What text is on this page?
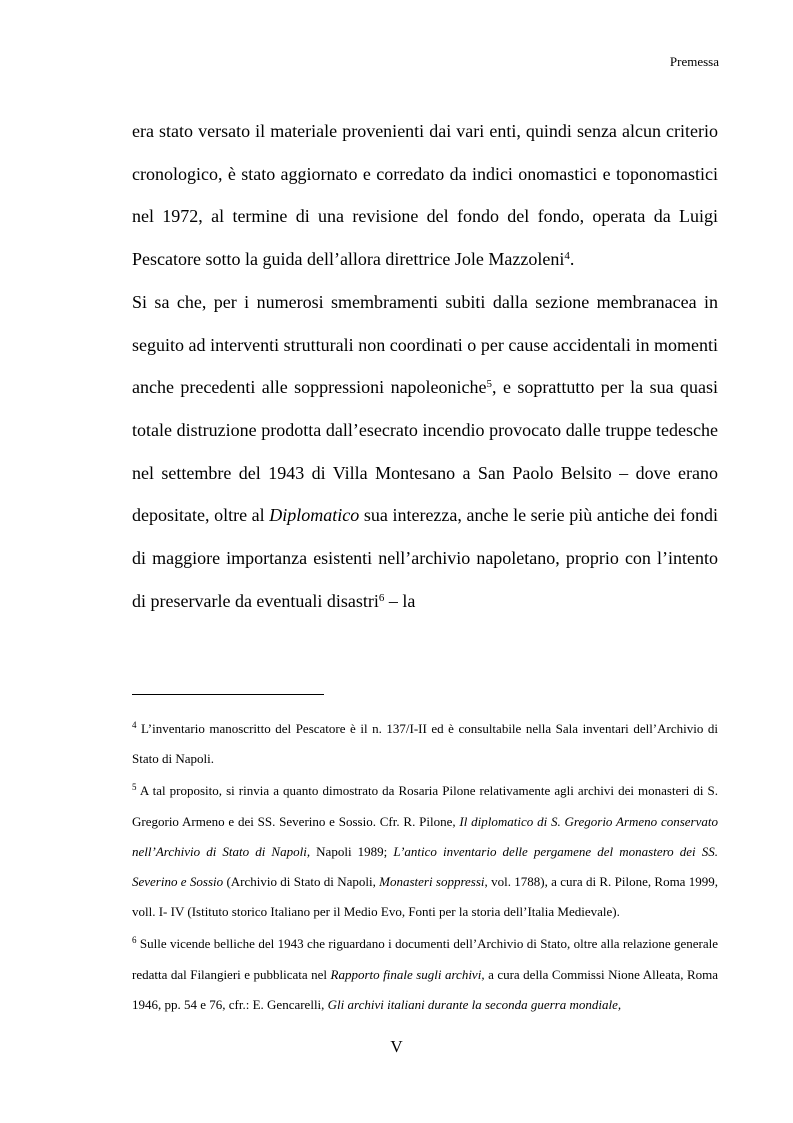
Premessa

era stato versato il materiale provenienti dai vari enti, quindi senza alcun criterio cronologico, è stato aggiornato e corredato da indici onomastici e toponomastici nel 1972, al termine di una revisione del fondo del fondo, operata da Luigi Pescatore sotto la guida dell’allora direttrice Jole Mazzoleni$^4$.

Si sa che, per i numerosi smembramenti subiti dalla sezione membranacea in seguito ad interventi strutturali non coordinati o per cause accidentali in momenti anche precedenti alle soppressioni napoleoniche$^5$, e soprattutto per la sua quasi totale distruzione prodotta dall’esecrato incendio provocato dalle truppe tedesche nel settembre del 1943 di Villa Montesano a San Paolo Belsito – dove erano depositate, oltre al Diplomatico sua interezza, anche le serie più antiche dei fondi di maggiore importanza esistenti nell’archivio napoletano, proprio con l’intento di preservarle da eventuali disastri$^6$ – la

$^4$ L’inventario manoscritto del Pescatore è il n. 137/I-II ed è consultabile nella Sala inventari dell’Archivio di Stato di Napoli.

$^5$ A tal proposito, si rinvia a quanto dimostrato da Rosaria Pilone relativamente agli archivi dei monasteri di S. Gregorio Armeno e dei SS. Severino e Sossio. Cfr. R. Pilone, Il diplomatico di S. Gregorio Armeno conservato nell’Archivio di Stato di Napoli, Napoli 1989; L’antico inventario delle pergamene del monastero dei SS. Severino e Sossio (Archivio di Stato di Napoli, Monasteri soppressi, vol. 1788), a cura di R. Pilone, Roma 1999, voll. I- IV (Istituto storico Italiano per il Medio Evo, Fonti per la storia dell’Italia Medievale).

$^6$ Sulle vicende belliche del 1943 che riguardano i documenti dell’Archivio di Stato, oltre alla relazione generale redatta dal Filangieri e pubblicata nel Rapporto finale sugli archivi, a cura della Commissi Nione Alleata, Roma 1946, pp. 54 e 76, cfr.: E. Gencarelli, Gli archivi italiani durante la seconda guerra mondiale,

V
